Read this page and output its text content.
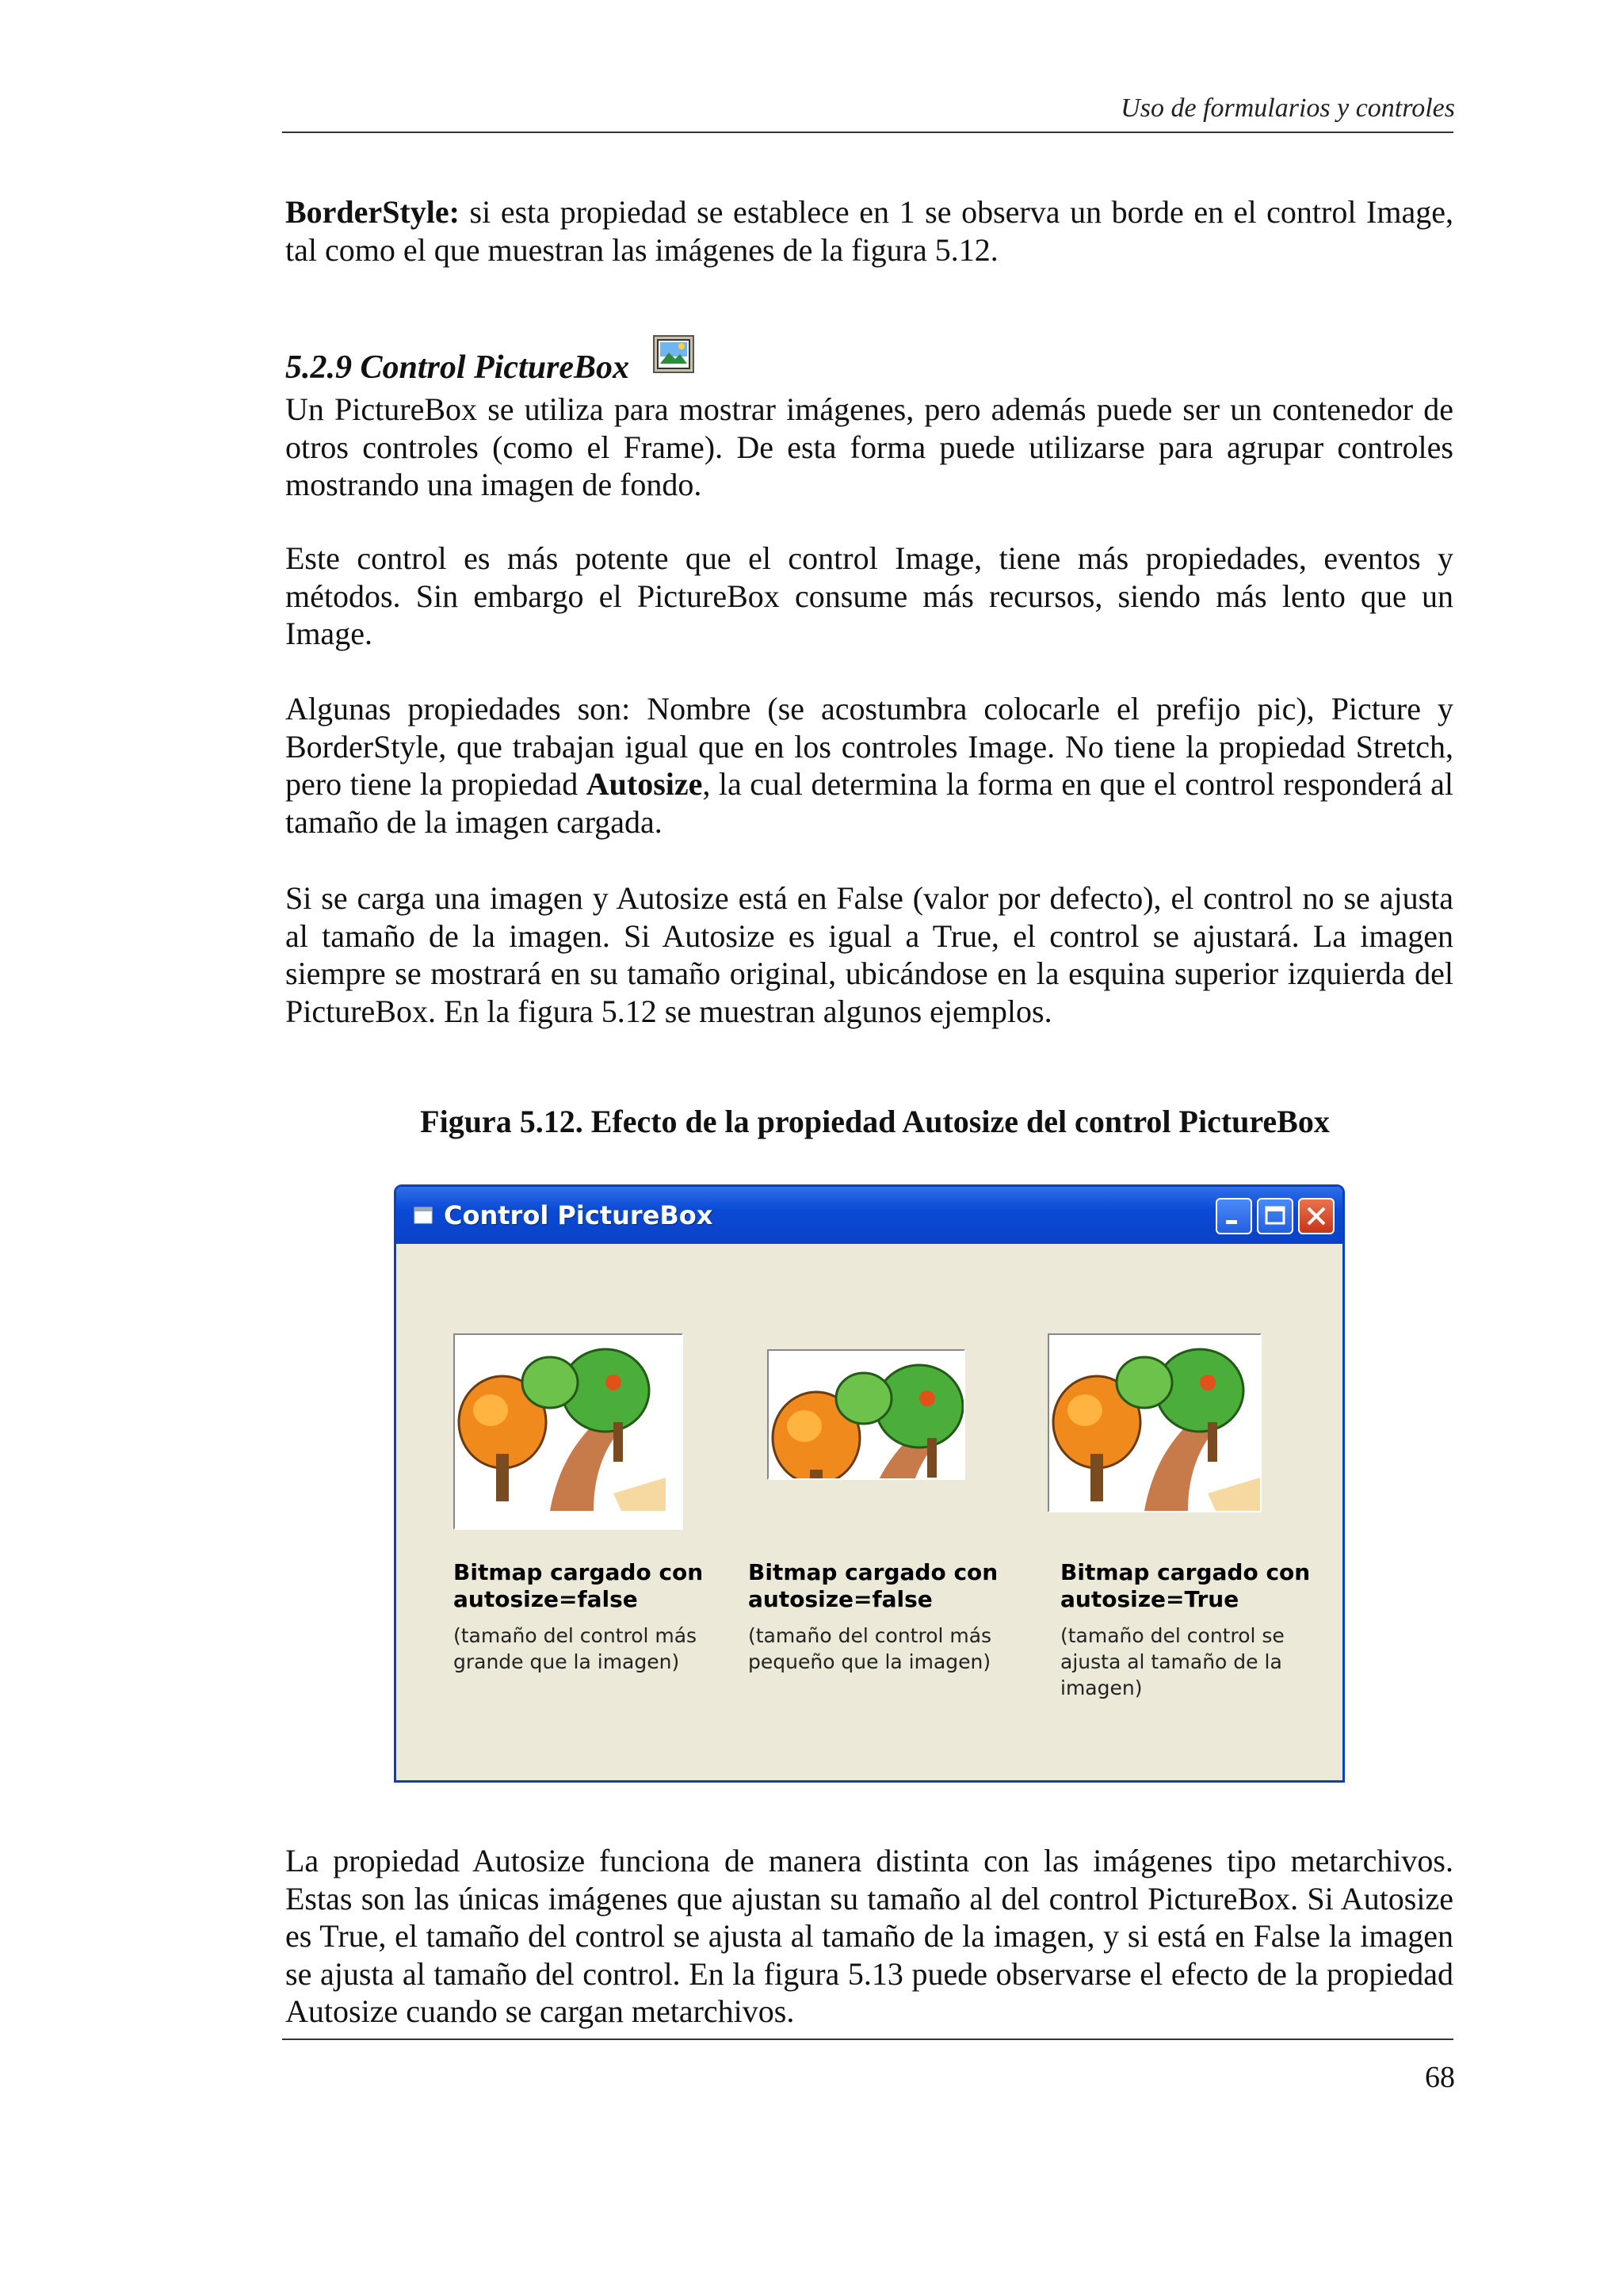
Uso de formularios y controles
BorderStyle: si esta propiedad se establece en 1 se observa un borde en el control Image, tal como el que muestran las imágenes de la figura 5.12.
5.2.9 Control PictureBox
Un PictureBox se utiliza para mostrar imágenes, pero además puede ser un contenedor de otros controles (como el Frame). De esta forma puede utilizarse para agrupar controles mostrando una imagen de fondo.
Este control es más potente que el control Image, tiene más propiedades, eventos y métodos. Sin embargo el PictureBox consume más recursos, siendo más lento que un Image.
Algunas propiedades son: Nombre (se acostumbra colocarle el prefijo pic), Picture y BorderStyle, que trabajan igual que en los controles Image. No tiene la propiedad Stretch, pero tiene la propiedad Autosize, la cual determina la forma en que el control responderá al tamaño de la imagen cargada.
Si se carga una imagen y Autosize está en False (valor por defecto), el control no se ajusta al tamaño de la imagen. Si Autosize es igual a True, el control se ajustará. La imagen siempre se mostrará en su tamaño original, ubicándose en la esquina superior izquierda del PictureBox. En la figura 5.12 se muestran algunos ejemplos.
Figura 5.12. Efecto de la propiedad Autosize del control PictureBox
Control PictureBox
Bitmap cargado con
autosize=false
(tamaño del control más
grande que la imagen)
Bitmap cargado con
autosize=false
(tamaño del control más
pequeño que la imagen)
Bitmap cargado con
autosize=True
(tamaño del control se
ajusta al tamaño de la
imagen)
La propiedad Autosize funciona de manera distinta con las imágenes tipo metarchivos. Estas son las únicas imágenes que ajustan su tamaño al del control PictureBox. Si Autosize es True, el tamaño del control se ajusta al tamaño de la imagen, y si está en False la imagen se ajusta al tamaño del control. En la figura 5.13 puede observarse el efecto de la propiedad Autosize cuando se cargan metarchivos.
68
